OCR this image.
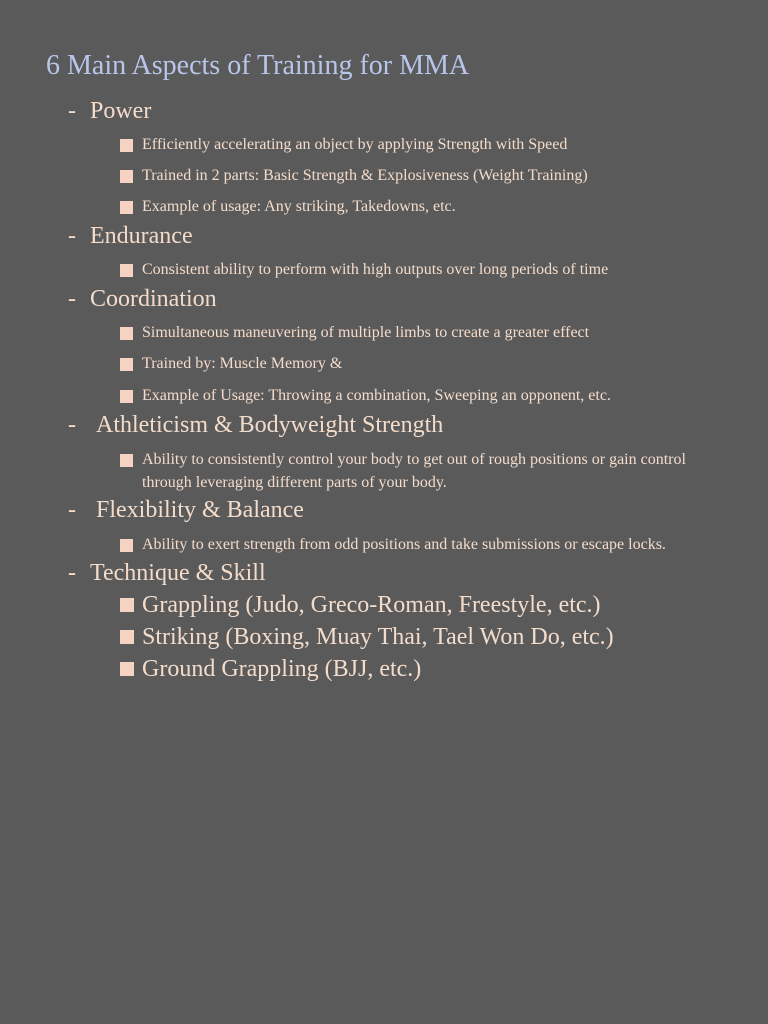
6 Main Aspects of Training for MMA
- Power
Efficiently accelerating an object by applying Strength with Speed
Trained in 2 parts: Basic Strength & Explosiveness (Weight Training)
Example of usage: Any striking, Takedowns, etc.
- Endurance
Consistent ability to perform with high outputs over long periods of time
- Coordination
Simultaneous maneuvering of multiple limbs to create a greater effect
Trained by: Muscle Memory &
Example of Usage: Throwing a combination, Sweeping an opponent, etc.
- Athleticism & Bodyweight Strength
Ability to consistently control your body to get out of rough positions or gain control through leveraging different parts of your body.
- Flexibility & Balance
Ability to exert strength from odd positions and take submissions or escape locks.
- Technique & Skill
Grappling (Judo, Greco-Roman, Freestyle, etc.)
Striking (Boxing, Muay Thai, Tael Won Do, etc.)
Ground Grappling (BJJ, etc.)
